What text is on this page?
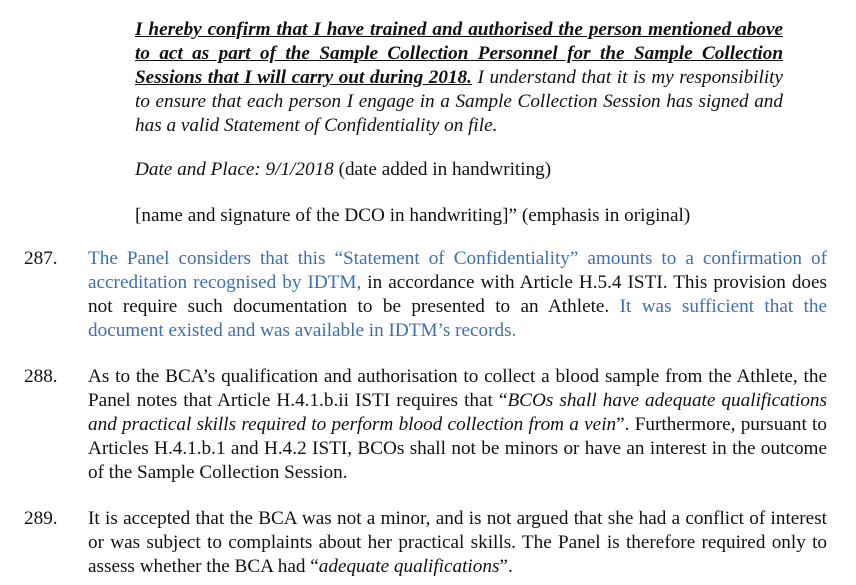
I hereby confirm that I have trained and authorised the person mentioned above to act as part of the Sample Collection Personnel for the Sample Collection Sessions that I will carry out during 2018. I understand that it is my responsibility to ensure that each person I engage in a Sample Collection Session has signed and has a valid Statement of Confidentiality on file.
Date and Place: 9/1/2018 (date added in handwriting)
[name and signature of the DCO in handwriting]” (emphasis in original)
287. The Panel considers that this “Statement of Confidentiality” amounts to a confirmation of accreditation recognised by IDTM, in accordance with Article H.5.4 ISTI. This provision does not require such documentation to be presented to an Athlete. It was sufficient that the document existed and was available in IDTM’s records.
288. As to the BCA’s qualification and authorisation to collect a blood sample from the Athlete, the Panel notes that Article H.4.1.b.ii ISTI requires that “BCOs shall have adequate qualifications and practical skills required to perform blood collection from a vein”. Furthermore, pursuant to Articles H.4.1.b.1 and H.4.2 ISTI, BCOs shall not be minors or have an interest in the outcome of the Sample Collection Session.
289. It is accepted that the BCA was not a minor, and is not argued that she had a conflict of interest or was subject to complaints about her practical skills. The Panel is therefore required only to assess whether the BCA had “adequate qualifications”.
